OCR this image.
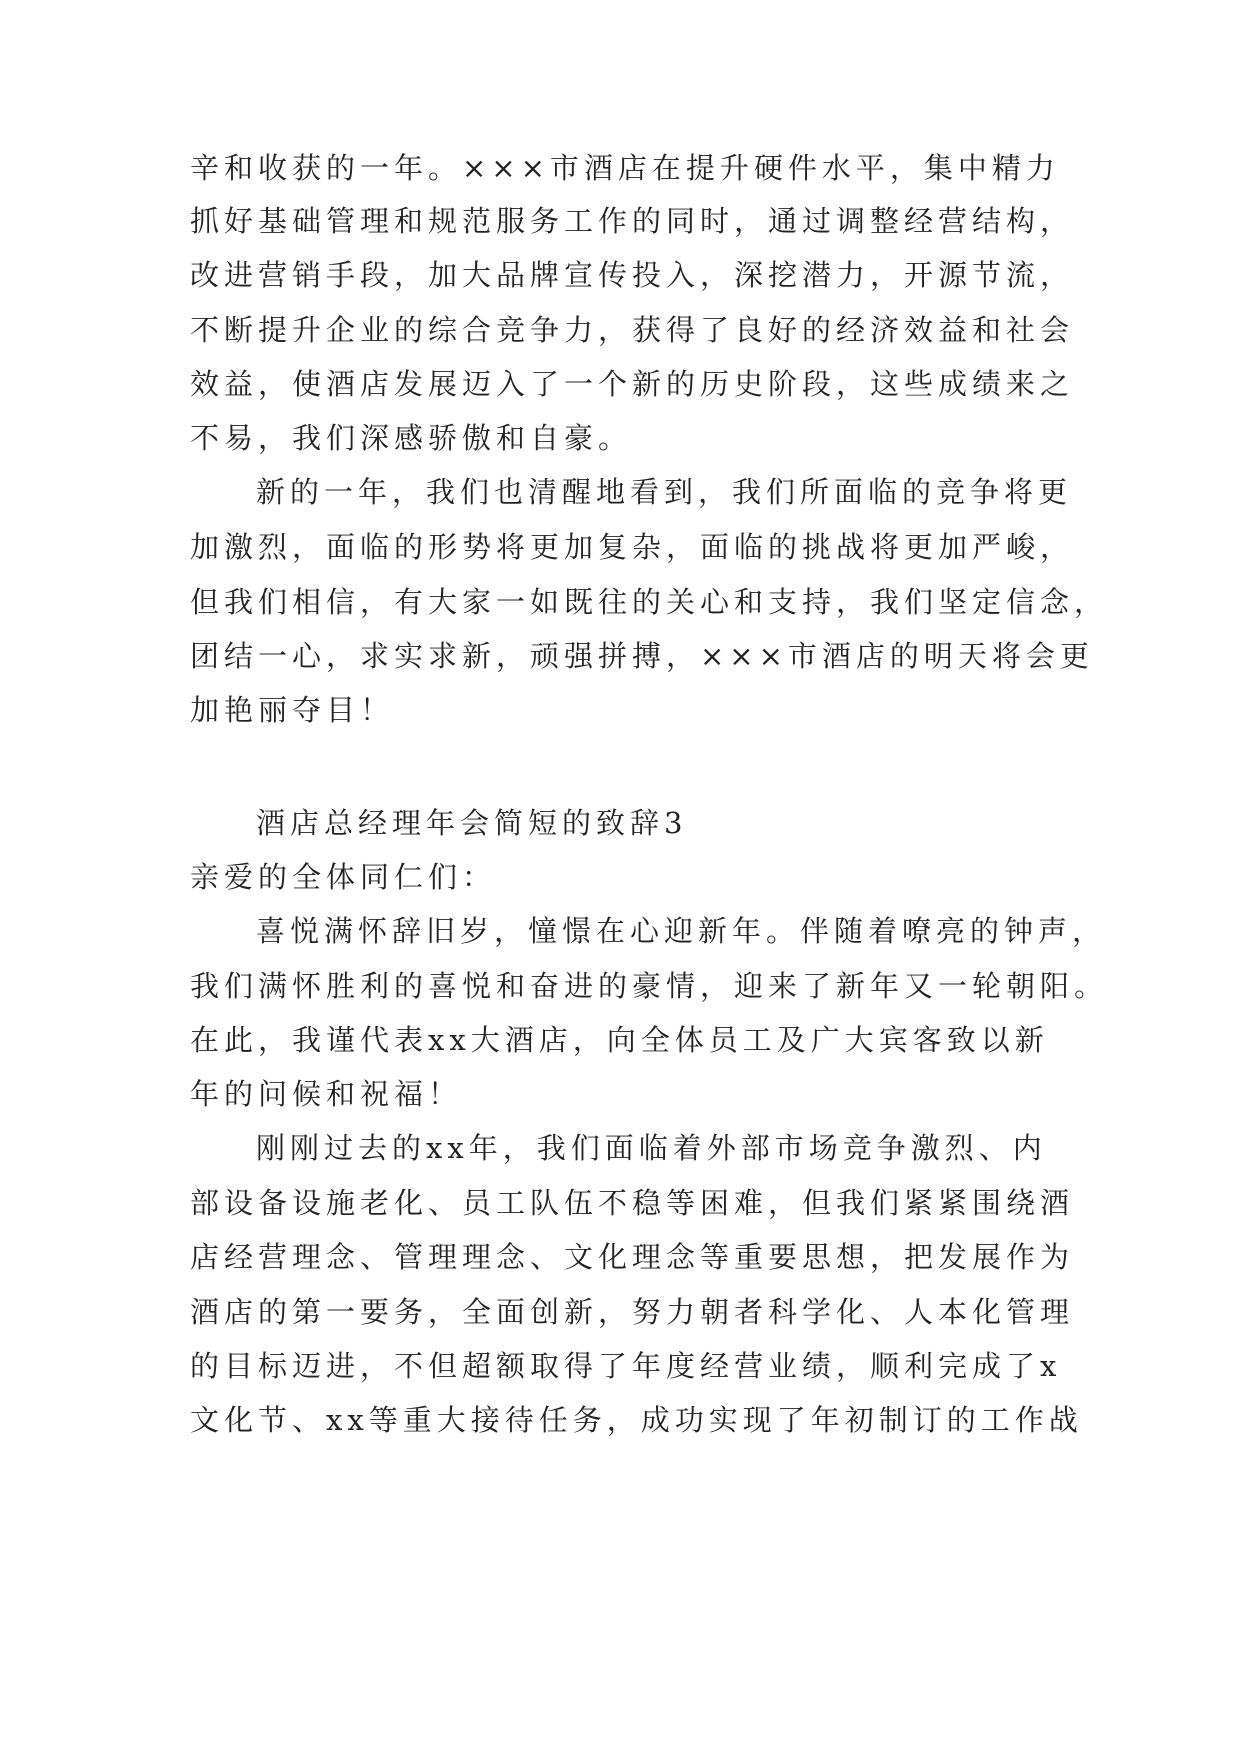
辛和收获的一年。×××市酒店在提升硬件水平，集中精力
抓好基础管理和规范服务工作的同时，通过调整经营结构，
改进营销手段，加大品牌宣传投入，深挖潜力，开源节流，
不断提升企业的综合竞争力，获得了良好的经济效益和社会
效益，使酒店发展迈入了一个新的历史阶段，这些成绩来之
不易，我们深感骄傲和自豪。
新的一年，我们也清醒地看到，我们所面临的竞争将更
加激烈，面临的形势将更加复杂，面临的挑战将更加严峻，
但我们相信，有大家一如既往的关心和支持，我们坚定信念，
团结一心，求实求新，顽强拼搏，×××市酒店的明天将会更
加艳丽夺目！
酒店总经理年会简短的致辞3
亲爱的全体同仁们：
喜悦满怀辞旧岁，憧憬在心迎新年。伴随着嘹亮的钟声，
我们满怀胜利的喜悦和奋进的豪情，迎来了新年又一轮朝阳。
在此，我谨代表xx大酒店，向全体员工及广大宾客致以新
年的问候和祝福！
刚刚过去的xx年，我们面临着外部市场竞争激烈、内
部设备设施老化、员工队伍不稳等困难，但我们紧紧围绕酒
店经营理念、管理理念、文化理念等重要思想，把发展作为
酒店的第一要务，全面创新，努力朝者科学化、人本化管理
的目标迈进，不但超额取得了年度经营业绩，顺利完成了x
文化节、xx等重大接待任务，成功实现了年初制订的工作战
